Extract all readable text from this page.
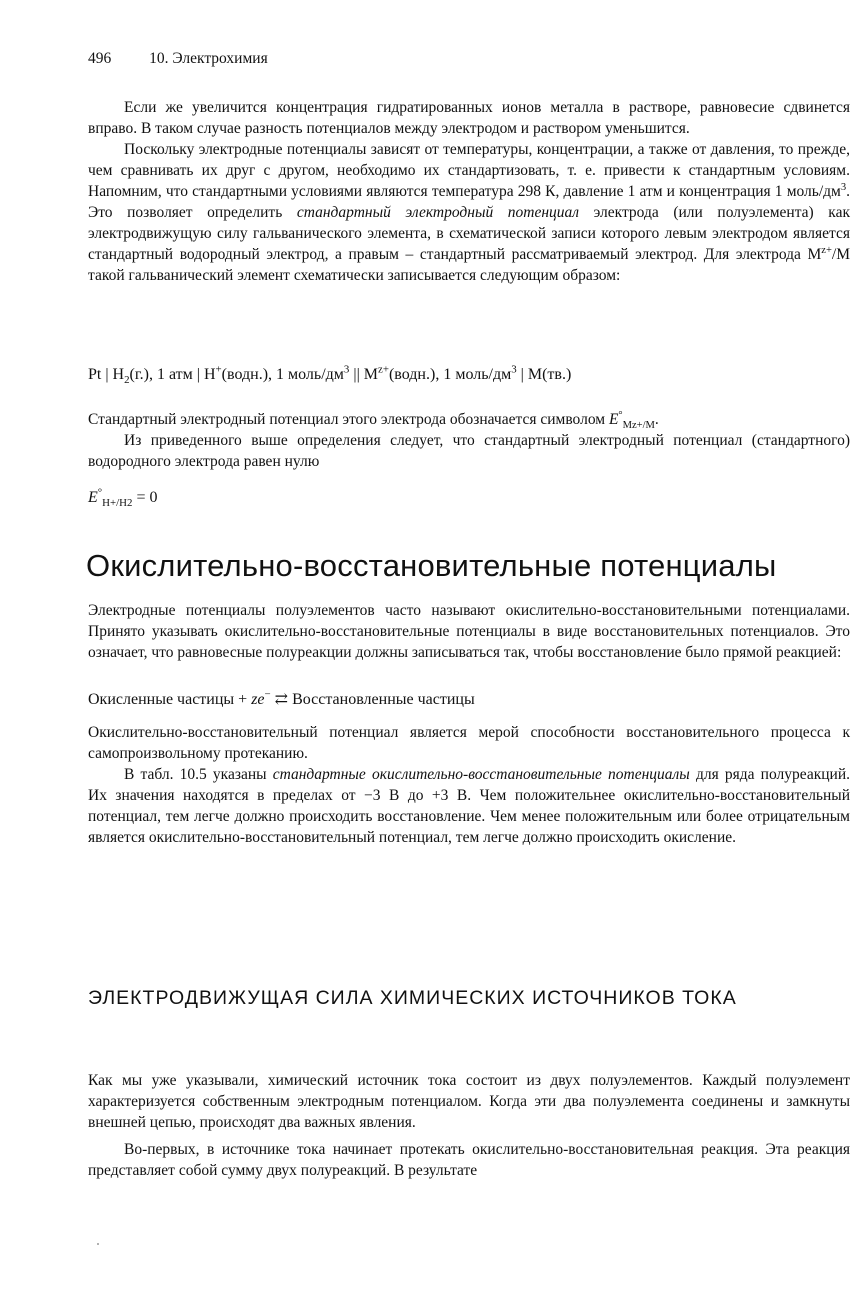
496 10. Электрохимия

Если же увеличится концентрация гидратированных ионов металла в растворе, равновесие сдвинется вправо. В таком случае разность потенциалов между электродом и раствором уменьшится.

Поскольку электродные потенциалы зависят от температуры, концентрации, а также от давления, то прежде, чем сравнивать их друг с другом, необходимо их стандартизовать, т. е. привести к стандартным условиям. Напомним, что стандартными условиями являются температура 298 К, давление 1 атм и концентрация 1 моль/$дм^3$. Это позволяет определить стандартный электродный потенциал электрода (или полуэлемента) как электродвижущую силу гальванического элемента, в схематической записи которого левым электродом является стандартный водородный электрод, а правым – стандартный рассматриваемый электрод. Для электрода $M^{z+}/M$ такой гальванический элемент схематически записывается следующим образом:

Pt | $H_2(г.)$, 1 атм | H+(водн.), 1 моль/$дм^3$ || $M^{z+}(водн.)$, 1 моль/$дм^3$ | M(тв.)

Стандартный электродный потенциал этого электрода обозначается символом $E^\circ_{Mz+/M}$.

Из приведенного выше определения следует, что стандартный электродный потенциал (стандартного) водородного электрода равен нулю

$E^\circ_{H+/H2} = 0$
Окислительно-восстановительные потенциалы

Электродные потенциалы полуэлементов часто называют окислительно-восстановительными потенциалами. Принято указывать окислительно-восстановительные потенциалы в виде восстановительных потенциалов. Это означает, что равновесные полуреакции должны записываться так, чтобы восстановление было прямой реакцией:

Окисленные частицы + ze− ⇄ Восстановленные частицы

Окислительно-восстановительный потенциал является мерой способности восстановительного процесса к самопроизвольному протеканию.

В табл. 10.5 указаны стандартные окислительно-восстановительные потенциалы для ряда полуреакций. Их значения находятся в пределах от −3 В до +3 В. Чем положительнее окислительно-восстановительный потенциал, тем легче должно происходить восстановление. Чем менее положительным или более отрицательным является окислительно-восстановительный потенциал, тем легче должно происходить окисление.

ЭЛЕКТРОДВИЖУЩАЯ СИЛА ХИМИЧЕСКИХ ИСТОЧНИКОВ ТОКА

Как мы уже указывали, химический источник тока состоит из двух полуэлементов. Каждый полуэлемент характеризуется собственным электродным потенциалом. Когда эти два полуэлемента соединены и замкнуты внешней цепью, происходят два важных явления.

Во-первых, в источнике тока начинает протекать окислительно-восстановительная реакция. Эта реакция представляет собой сумму двух полуреакций. В результате
